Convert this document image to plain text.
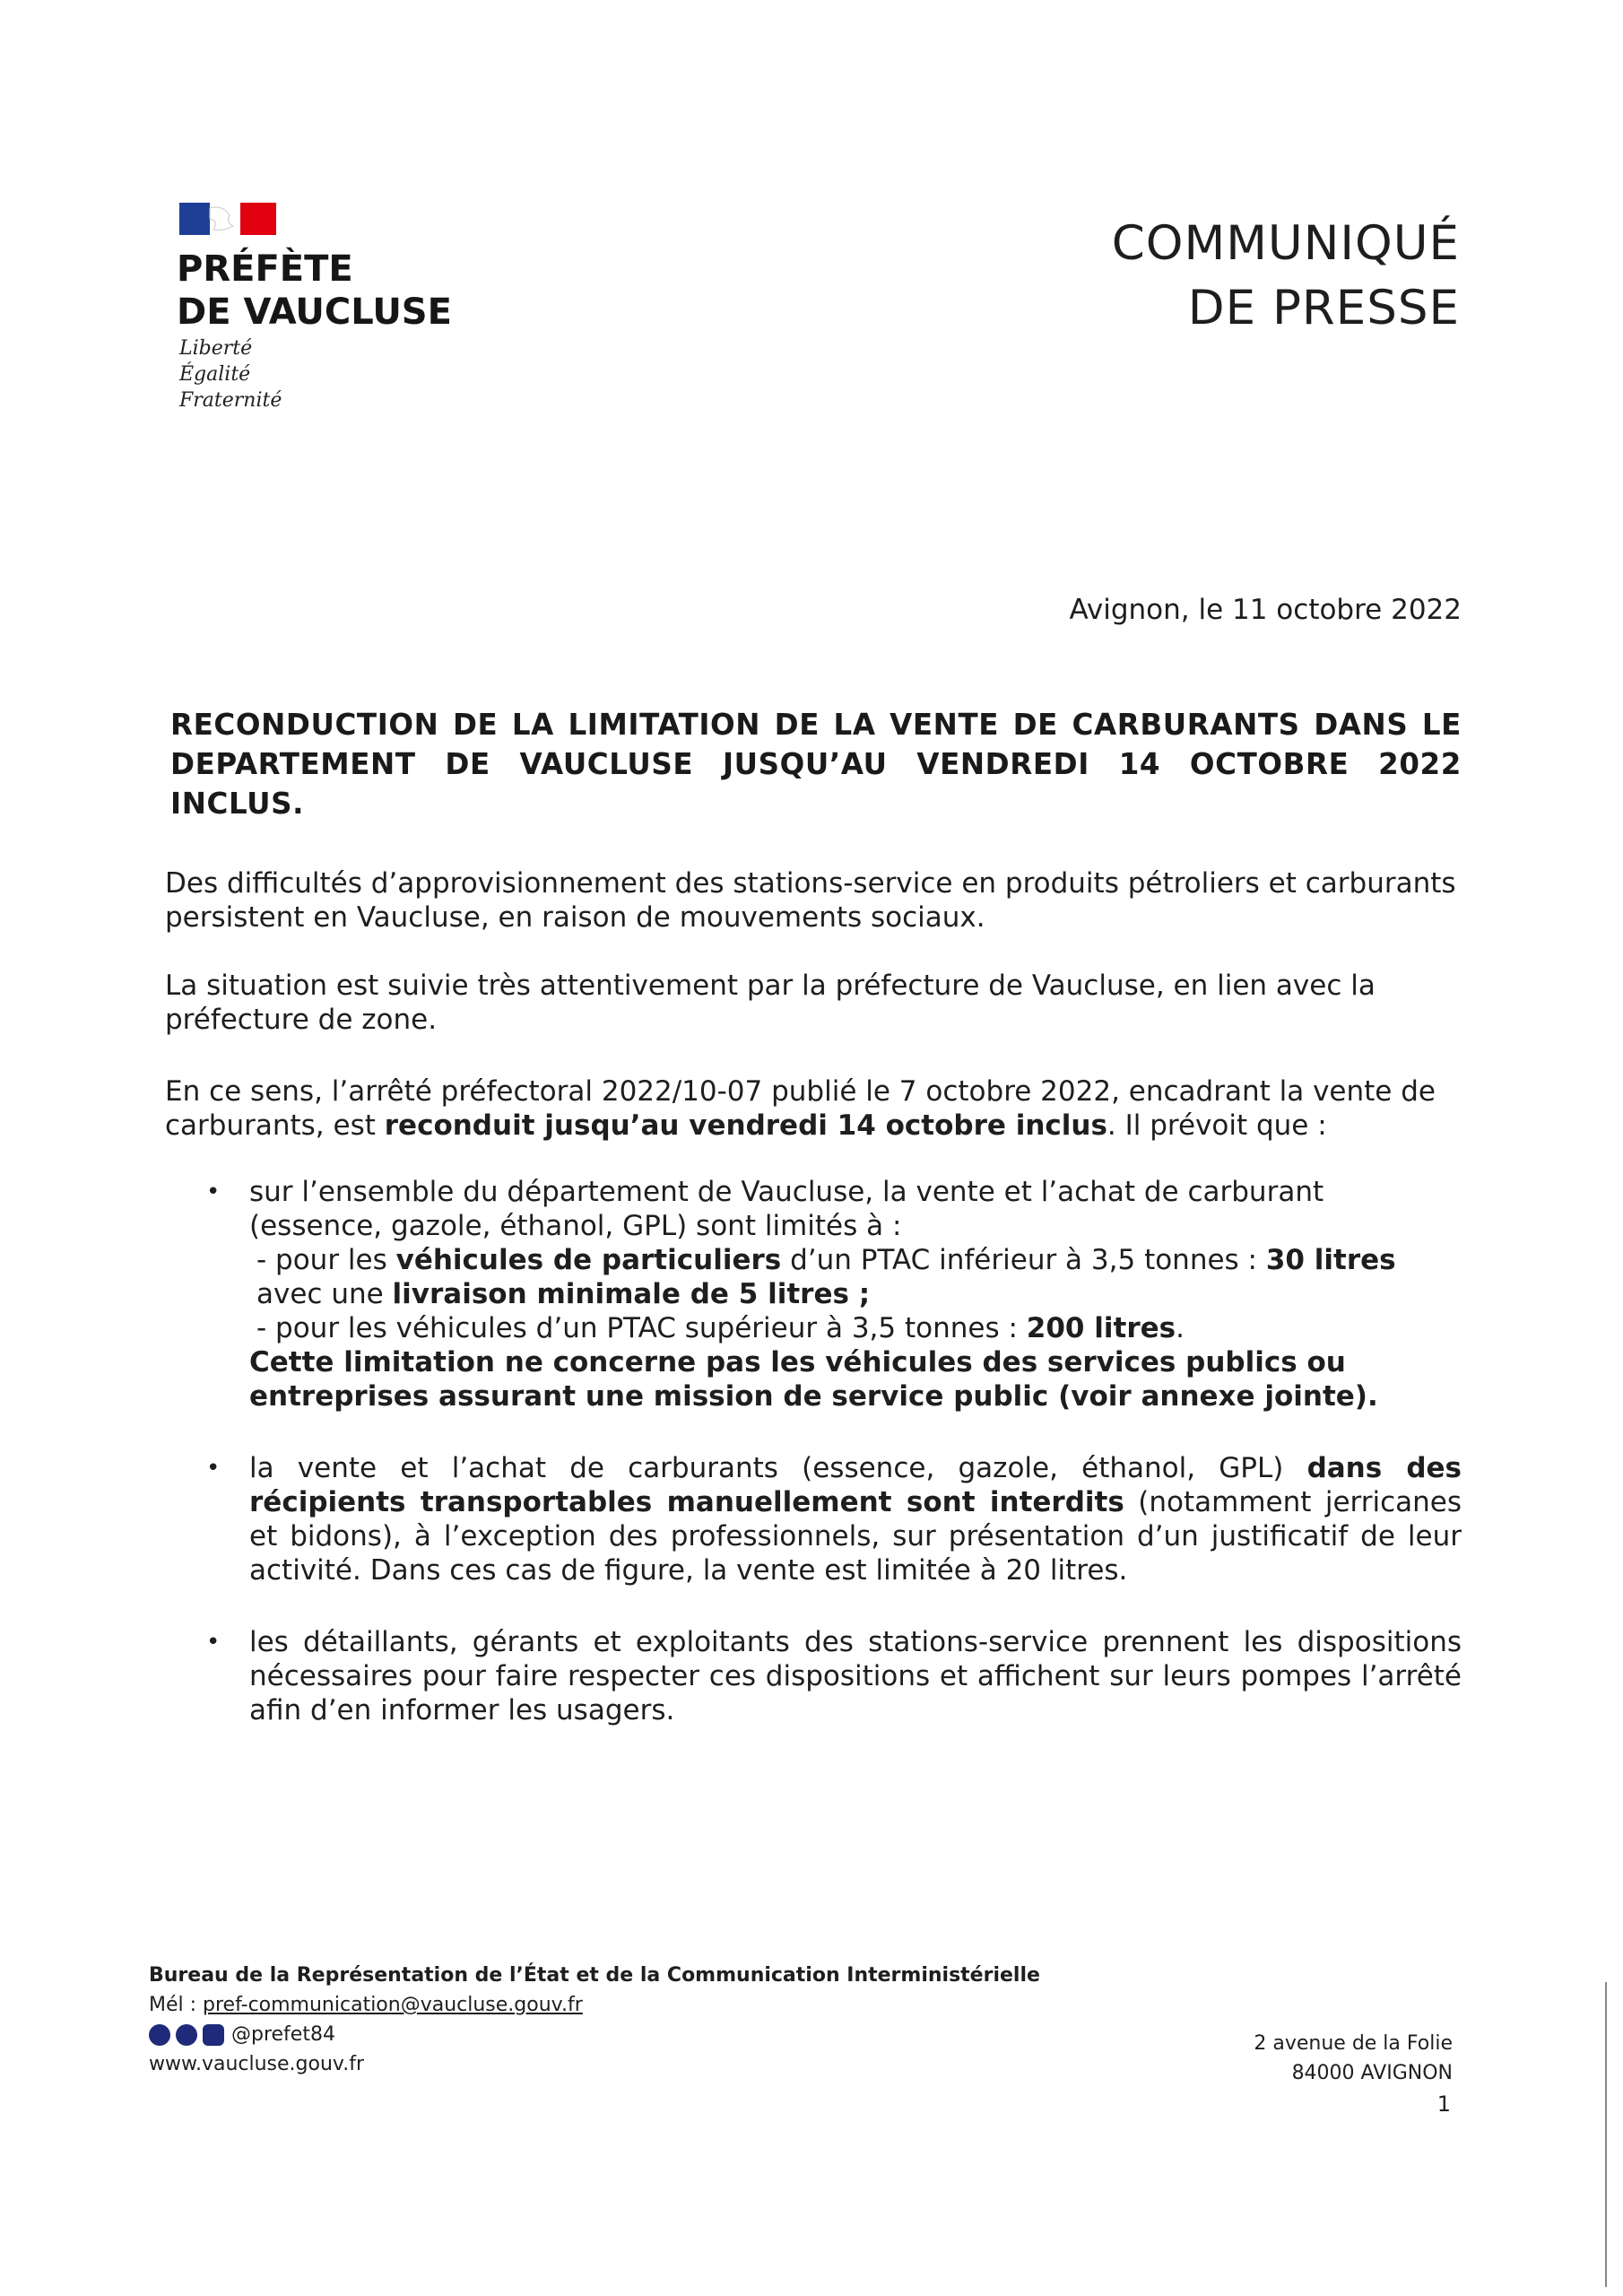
PRÉFÈTE
DE VAUCLUSE
Liberté
Égalité
Fraternité
COMMUNIQUÉ
DE PRESSE
Avignon, le 11 octobre 2022
RECONDUCTION DE LA LIMITATION DE LA VENTE DE CARBURANTS DANS LE
DEPARTEMENT DE VAUCLUSE JUSQU’AU VENDREDI 14 OCTOBRE 2022 INCLUS.
Des difficultés d’approvisionnement des stations-service en produits pétroliers et carburants persistent en Vaucluse, en raison de mouvements sociaux.
La situation est suivie très attentivement par la préfecture de Vaucluse, en lien avec la préfecture de zone.
En ce sens, l’arrêté préfectoral 2022/10-07 publié le 7 octobre 2022, encadrant la vente de carburants, est reconduit jusqu’au vendredi 14 octobre inclus. Il prévoit que :
• sur l’ensemble du département de Vaucluse, la vente et l’achat de carburant (essence, gazole, éthanol, GPL) sont limités à :
- pour les véhicules de particuliers d’un PTAC inférieur à 3,5 tonnes : 30 litres avec une livraison minimale de 5 litres ;
- pour les véhicules d’un PTAC supérieur à 3,5 tonnes : 200 litres.
Cette limitation ne concerne pas les véhicules des services publics ou entreprises assurant une mission de service public (voir annexe jointe).
• la vente et l’achat de carburants (essence, gazole, éthanol, GPL) dans des récipients transportables manuellement sont interdits (notamment jerricanes et bidons), à l’exception des professionnels, sur présentation d’un justificatif de leur activité. Dans ces cas de figure, la vente est limitée à 20 litres.
• les détaillants, gérants et exploitants des stations-service prennent les dispositions nécessaires pour faire respecter ces dispositions et affichent sur leurs pompes l’arrêté afin d’en informer les usagers.
Bureau de la Représentation de l’État et de la Communication Interministérielle
Mél : pref-communication@vaucluse.gouv.fr
@prefet84
www.vaucluse.gouv.fr
2 avenue de la Folie
84000 AVIGNON
1
